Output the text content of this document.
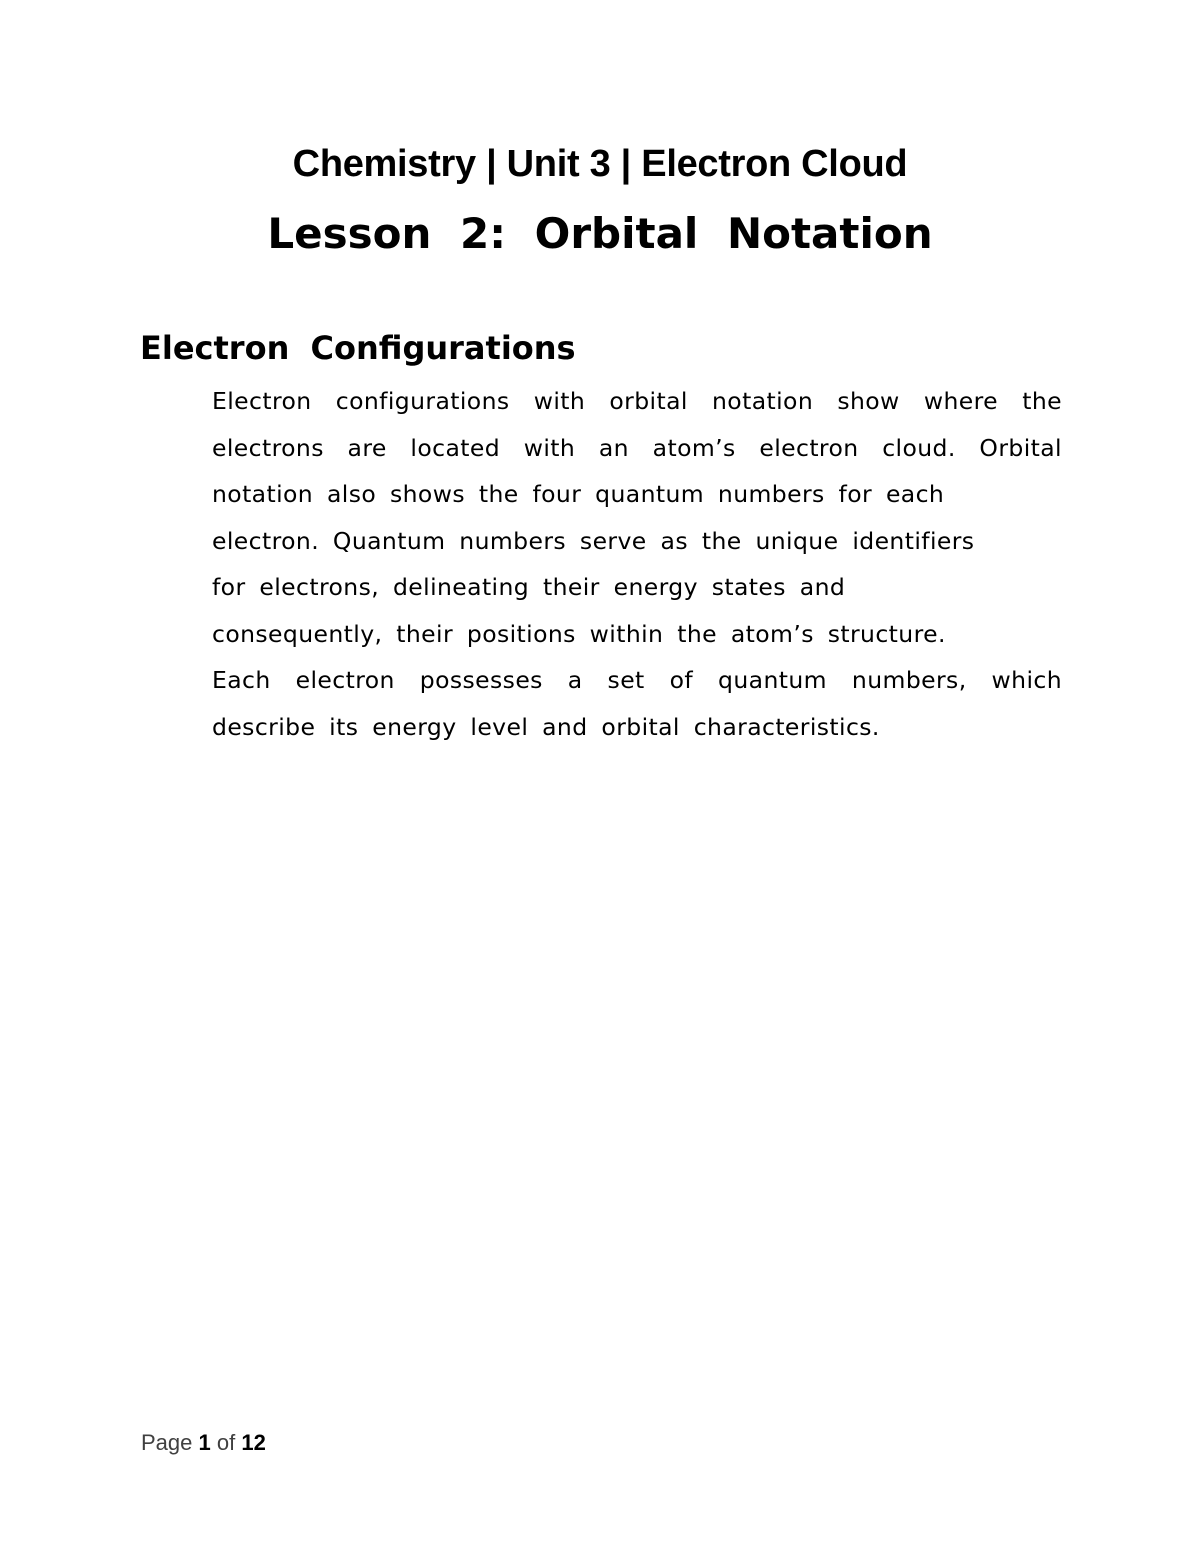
Chemistry | Unit 3 | Electron Cloud
Lesson 2: Orbital Notation
Electron Configurations
Electron configurations with orbital notation show where the
electrons are located with an atom’s electron cloud. Orbital
notation also shows the four quantum numbers for each
electron. Quantum numbers serve as the unique identifiers
for electrons, delineating their energy states and
consequently, their positions within the atom’s structure.
Each electron possesses a set of quantum numbers, which
describe its energy level and orbital characteristics.
Page 1 of 12
